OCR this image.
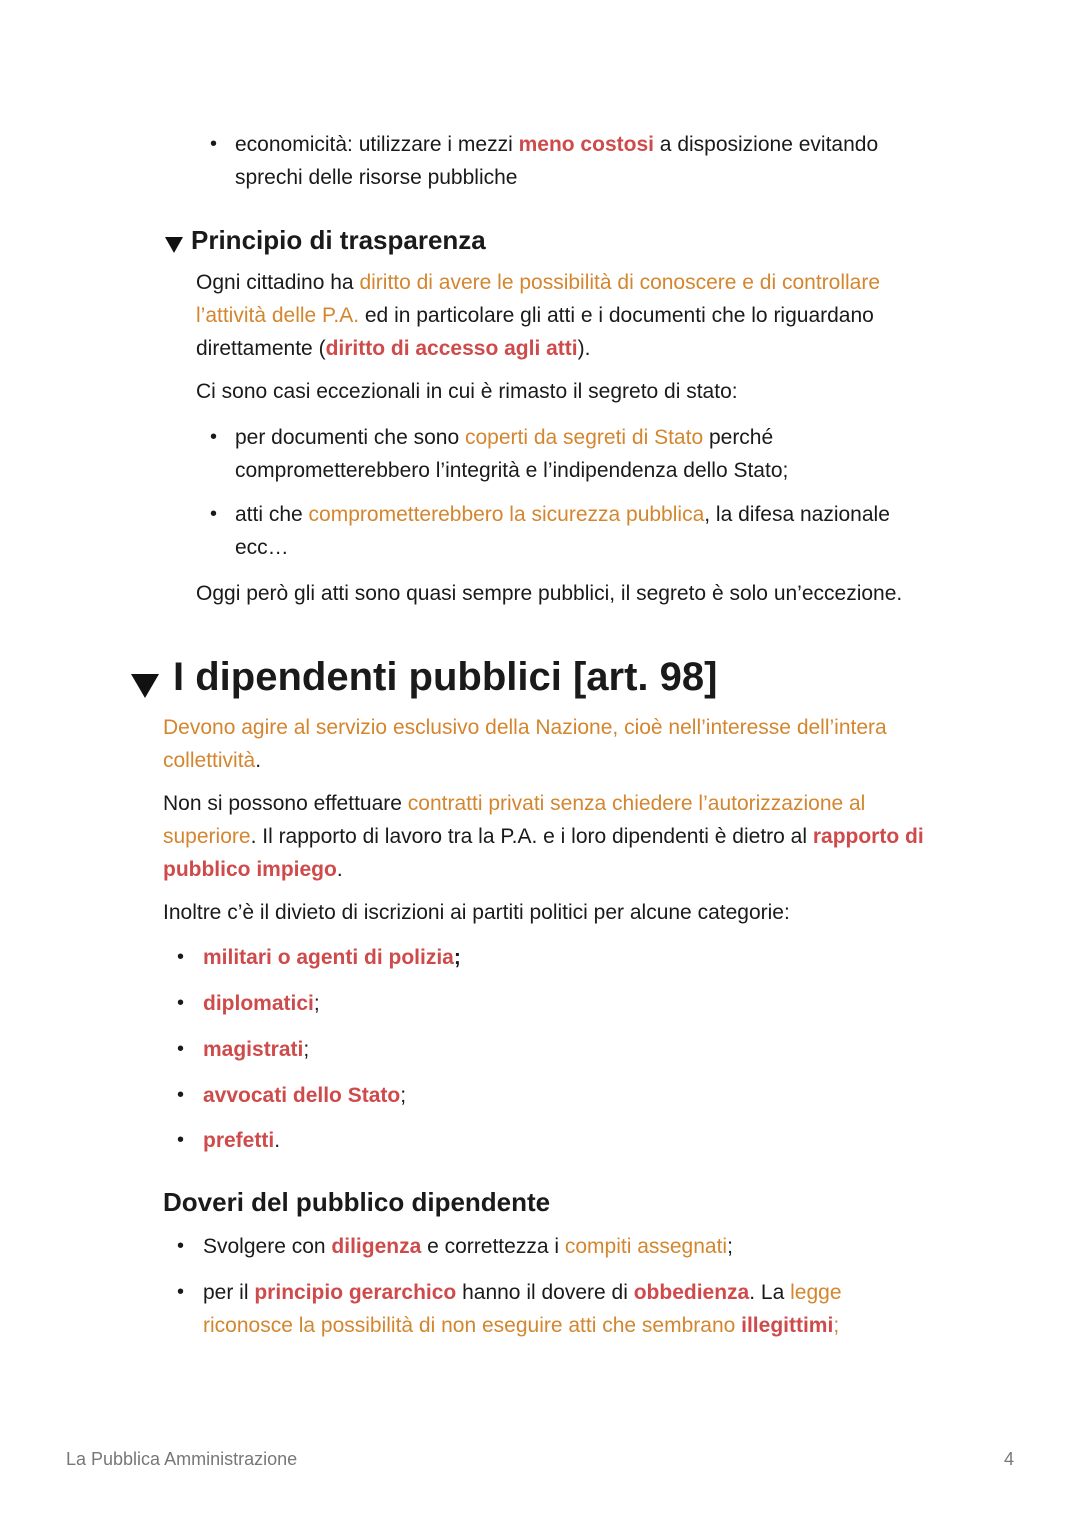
• economicità: utilizzare i mezzi meno costosi a disposizione evitando sprechi delle risorse pubbliche

Principio di trasparenza

Ogni cittadino ha diritto di avere le possibilità di conoscere e di controllare l’attività delle P.A. ed in particolare gli atti e i documenti che lo riguardano direttamente (diritto di accesso agli atti).

Ci sono casi eccezionali in cui è rimasto il segreto di stato:

• per documenti che sono coperti da segreti di Stato perché comprometterebbero l’integrità e l’indipendenza dello Stato;

• atti che comprometterebbero la sicurezza pubblica, la difesa nazionale ecc…

Oggi però gli atti sono quasi sempre pubblici, il segreto è solo un’eccezione.

I dipendenti pubblici [art. 98]

Devono agire al servizio esclusivo della Nazione, cioè nell’interesse dell’intera collettività.

Non si possono effettuare contratti privati senza chiedere l’autorizzazione al superiore. Il rapporto di lavoro tra la P.A. e i loro dipendenti è dietro al rapporto di pubblico impiego.

Inoltre c’è il divieto di iscrizioni ai partiti politici per alcune categorie:

• militari o agenti di polizia;

• diplomatici;

• magistrati;

• avvocati dello Stato;

• prefetti.

Doveri del pubblico dipendente
• Svolgere con diligenza e correttezza i compiti assegnati;

• per il principio gerarchico hanno il dovere di obbedienza. La legge riconosce la possibilità di non eseguire atti che sembrano illegittimi;

La Pubblica Amministrazione	4
